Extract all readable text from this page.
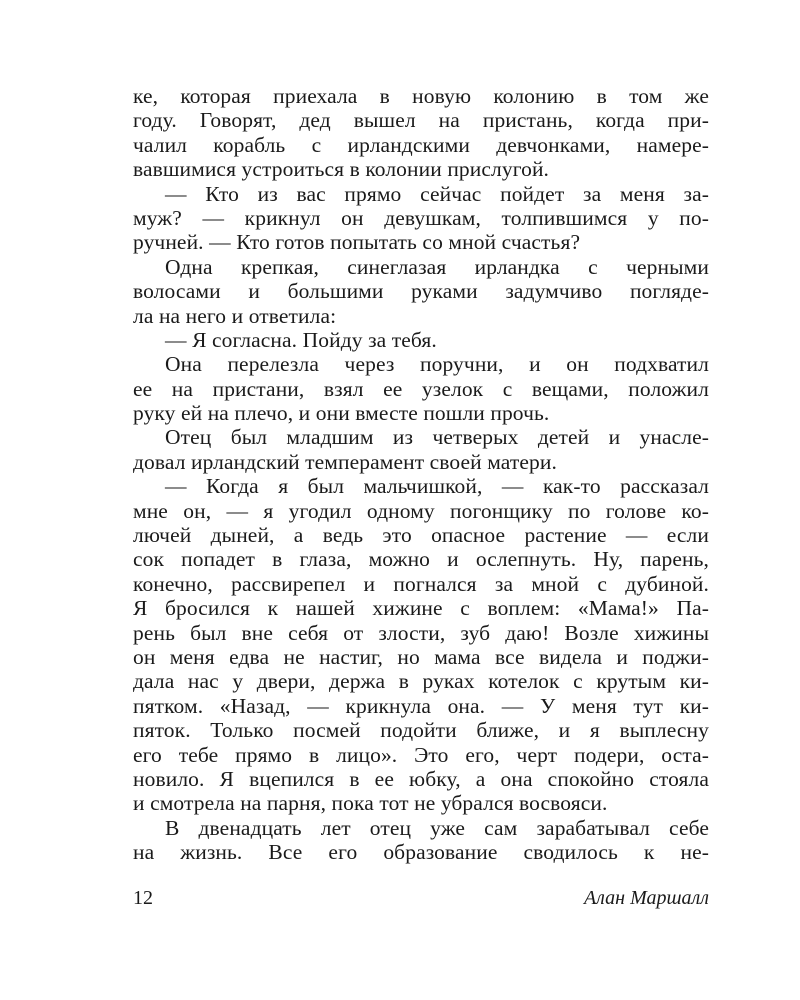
ке, которая приехала в новую колонию в том же
году. Говорят, дед вышел на пристань, когда при-
чалил корабль с ирландскими девчонками, намере-
вавшимися устроиться в колонии прислугой.
— Кто из вас прямо сейчас пойдет за меня за-
муж? — крикнул он девушкам, толпившимся у по-
ручней. — Кто готов попытать со мной счастья?
Одна крепкая, синеглазая ирландка с черными
волосами и большими руками задумчиво погляде-
ла на него и ответила:
— Я согласна. Пойду за тебя.
Она перелезла через поручни, и он подхватил
ее на пристани, взял ее узелок с вещами, положил
руку ей на плечо, и они вместе пошли прочь.
Отец был младшим из четверых детей и унасле-
довал ирландский темперамент своей матери.
— Когда я был мальчишкой, — как-то рассказал
мне он, — я угодил одному погонщику по голове ко-
лючей дыней, а ведь это опасное растение — если
сок попадет в глаза, можно и ослепнуть. Ну, парень,
конечно, рассвирепел и погнался за мной с дубиной.
Я бросился к нашей хижине с воплем: «Мама!» Па-
рень был вне себя от злости, зуб даю! Возле хижины
он меня едва не настиг, но мама все видела и поджи-
дала нас у двери, держа в руках котелок с крутым ки-
пятком. «Назад, — крикнула она. — У меня тут ки-
пяток. Только посмей подойти ближе, и я выплесну
его тебе прямо в лицо». Это его, черт подери, оста-
новило. Я вцепился в ее юбку, а она спокойно стояла
и смотрела на парня, пока тот не убрался восвояси.
В двенадцать лет отец уже сам зарабатывал себе
на жизнь. Все его образование сводилось к не-
12	Алан Маршалл
